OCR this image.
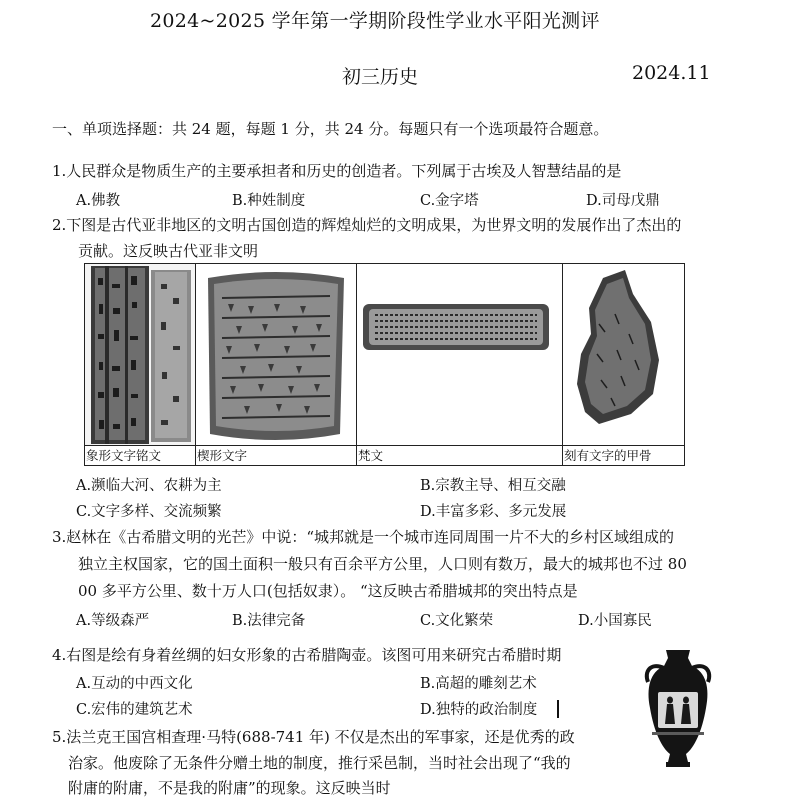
2024~2025 学年第一学期阶段性学业水平阳光测评
初三历史	2024.11
一、单项选择题：共 24 题，每题 1 分，共 24 分。每题只有一个选项最符合题意。
1.人民群众是物质生产的主要承担者和历史的创造者。下列属于古埃及人智慧结晶的是
A.佛教	B.种姓制度	C.金字塔	D.司母戊鼎
2.下图是古代亚非地区的文明古国创造的辉煌灿烂的文明成果，为世界文明的发展作出了杰出的
贡献。这反映古代亚非文明
象形文字铭文	楔形文字	梵文	刻有文字的甲骨
A.濒临大河、农耕为主	B.宗教主导、相互交融
C.文字多样、交流频繁	D.丰富多彩、多元发展
3.赵林在《古希腊文明的光芒》中说：“城邦就是一个城市连同周围一片不大的乡村区域组成的
独立主权国家，它的国土面积一般只有百余平方公里，人口则有数万，最大的城邦也不过 80
00 多平方公里、数十万人口(包括奴隶）。 “这反映古希腊城邦的突出特点是
A.等级森严	B.法律完备	C.文化繁荣	D.小国寡民
4.右图是绘有身着丝绸的妇女形象的古希腊陶壶。该图可用来研究古希腊时期
A.互动的中西文化	B.高超的雕刻艺术
C.宏伟的建筑艺术	D.独特的政治制度
5.法兰克王国宫相查理·马特(688-741 年) 不仅是杰出的军事家，还是优秀的政
治家。他废除了无条件分赠土地的制度，推行采邑制，当时社会出现了“我的
附庸的附庸，不是我的附庸”的现象。这反映当时
